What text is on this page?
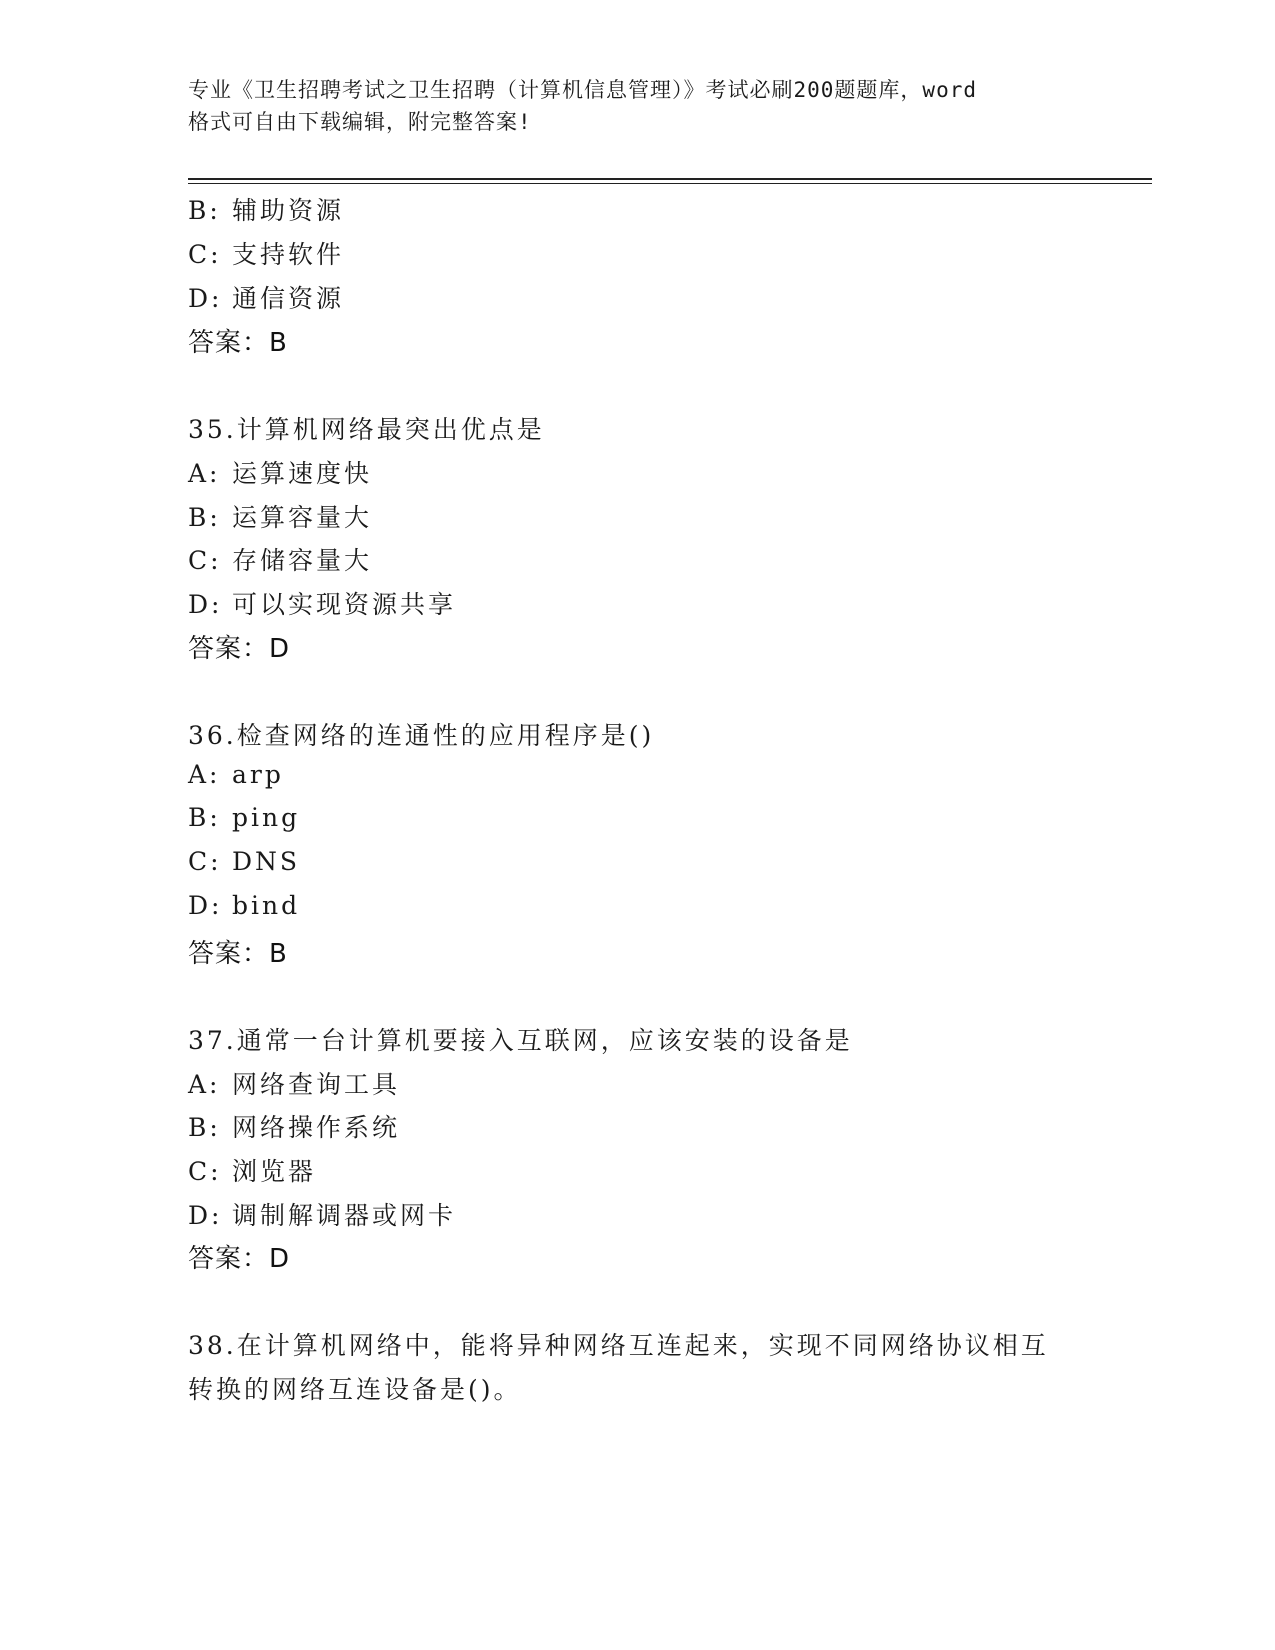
专业《卫生招聘考试之卫生招聘（计算机信息管理）》考试必刷200题题库，word
格式可自由下载编辑，附完整答案!
B: 辅助资源
C: 支持软件
D: 通信资源
答案：B
35.计算机网络最突出优点是
A: 运算速度快
B: 运算容量大
C: 存储容量大
D: 可以实现资源共享
答案：D
36.检查网络的连通性的应用程序是()
A: arp
B: ping
C: DNS
D: bind
答案：B
37.通常一台计算机要接入互联网，应该安装的设备是
A: 网络查询工具
B: 网络操作系统
C: 浏览器
D: 调制解调器或网卡
答案：D
38.在计算机网络中，能将异种网络互连起来，实现不同网络协议相互
转换的网络互连设备是()。
